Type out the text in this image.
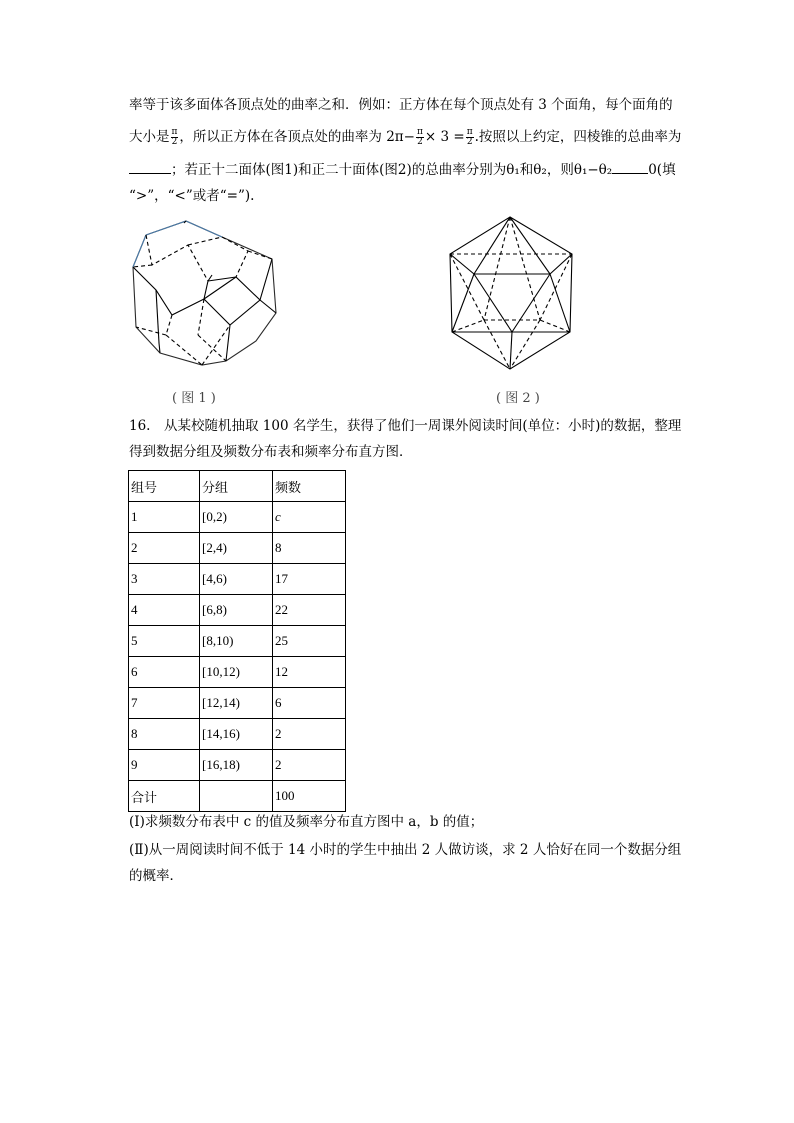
率等于该多面体各顶点处的曲率之和．例如：正方体在每个顶点处有 3 个面角，每个面角的
大小是 $\frac{\pi}{2}$ ，所以正方体在各顶点处的曲率为 $2\pi- \frac{\pi}{2} \times 3 = \frac{\pi}{2}$ .按照以上约定，四棱锥的总曲率为
；若正十二面体(图1)和正二十面体(图2)的总曲率分别为θ₁和θ₂，则θ₁−θ₂	0(填
“>”，“<”或者“=”).
( 图 1 )	( 图 2 )
16.　从某校随机抽取 100 名学生，获得了他们一周课外阅读时间(单位：小时)的数据，整理
得到数据分组及频数分布表和频率分布直方图．
组号	分组	频数
1	[0,2)	c
2	[2,4)	8
3	[4,6)	17
4	[6,8)	22
5	[8,10)	25
6	[10,12)	12
7	[12,14)	6
8	[14,16)	2
9	[16,18)	2
合计		100
(Ⅰ)求频数分布表中 c 的值及频率分布直方图中 a，b 的值；
(Ⅱ)从一周阅读时间不低于 14 小时的学生中抽出 2 人做访谈，求 2 人恰好在同一个数据分组
的概率．
